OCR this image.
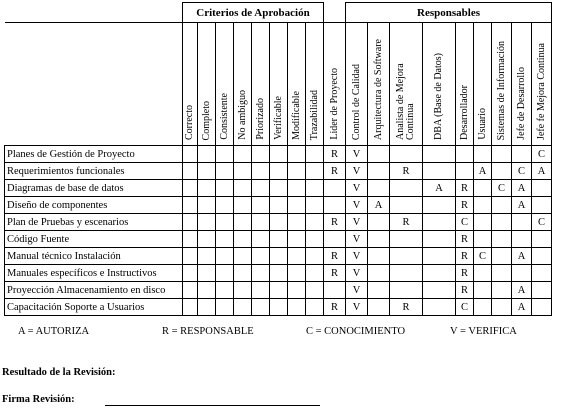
	Criterios de Aprobación									Responsables								
	Correcto	Completo	Consistente	No ambiguo	Priorizado	Verificable	Modificable	Trazabilidad	Lider de Proyecto	Control de Calidad	Arquitectura de Software	Analista de Mejora Continua	DBA (Base de Datos)	Desarrollador	Usuario	Sistemas de Información	Jefe de Desarrollo	Jefe fe Mejora Continua
Planes de Gestión de Proyecto									R	V								C
Requerimientos funcionales									R	V		R			A		C	A
Diagramas de base de datos										V			A	R		C	A	
Diseño de componentes										V	A			R			A	
Plan de Pruebas y escenarios									R	V		R		C				C
Código Fuente										V				R				
Manual técnico Instalación									R	V				R	C		A	
Manuales específicos e Instructivos									R	V				R				
Proyección Almacenamiento en disco										V				R			A	
Capacitación Soporte a Usuarios									R	V		R		C			A	
A = AUTORIZA	R = RESPONSABLE	C = CONOCIMIENTO	V = VERIFICA
Resultado de la Revisión:
Firma Revisión:
